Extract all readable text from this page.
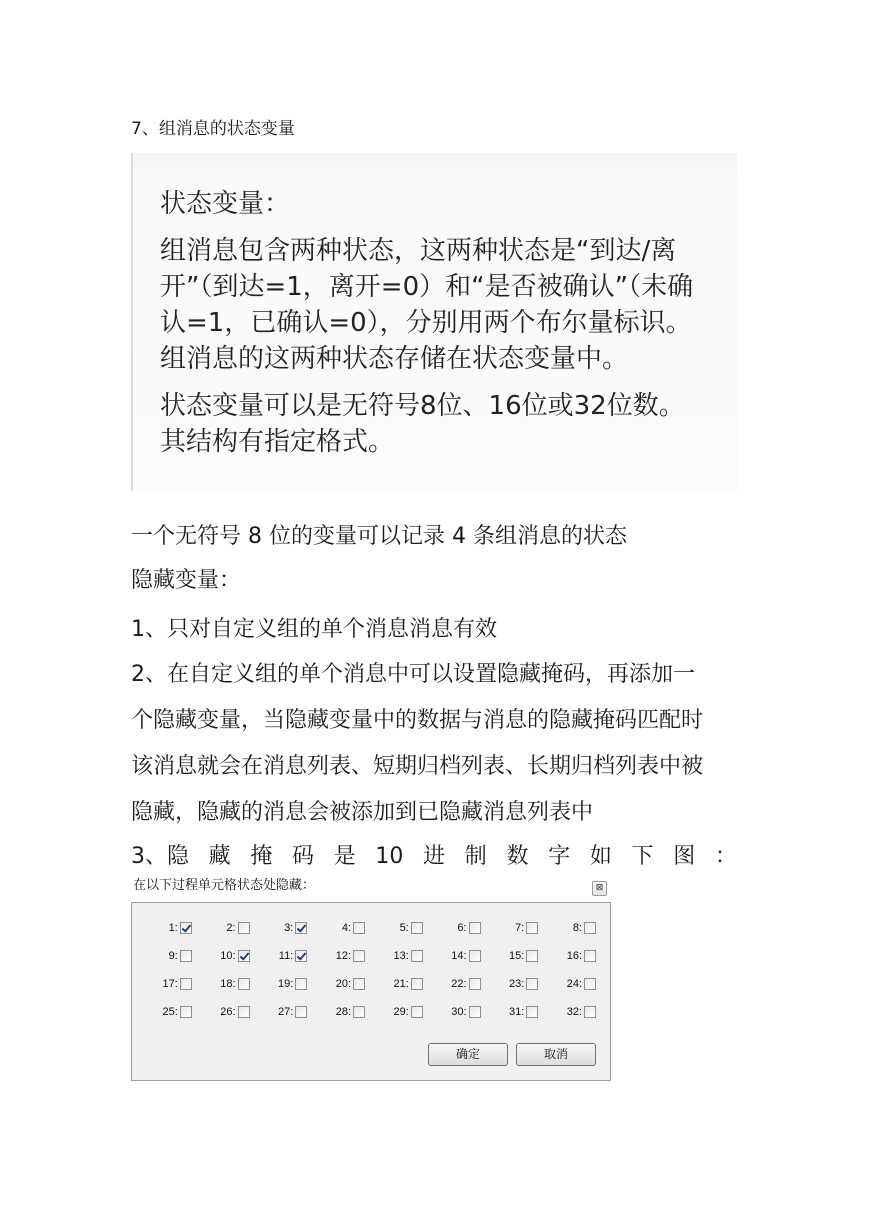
7、组消息的状态变量
状态变量：
组消息包含两种状态，这两种状态是“到达/离
开”（到达=1，离开=0）和“是否被确认”（未确
认=1，已确认=0），分别用两个布尔量标识。
组消息的这两种状态存储在状态变量中。
状态变量可以是无符号8位、16位或32位数。
其结构有指定格式。
一个无符号 8 位的变量可以记录 4 条组消息的状态
隐藏变量：
1、只对自定义组的单个消息消息有效
2、在自定义组的单个消息中可以设置隐藏掩码，再添加一
个隐藏变量，当隐藏变量中的数据与消息的隐藏掩码匹配时
该消息就会在消息列表、短期归档列表、长期归档列表中被
隐藏，隐藏的消息会被添加到已隐藏消息列表中
3、隐 藏 掩 码 是 10 进 制 数 字 如 下 图 ：
在以下过程单元格状态处隐藏：	⊠
1:	2:	3:	4:	5:	6:	7:	8:
9:	10:	11:	12:	13:	14:	15:	16:
17:	18:	19:	20:	21:	22:	23:	24:
25:	26:	27:	28:	29:	30:	31:	32:
确定	取消
